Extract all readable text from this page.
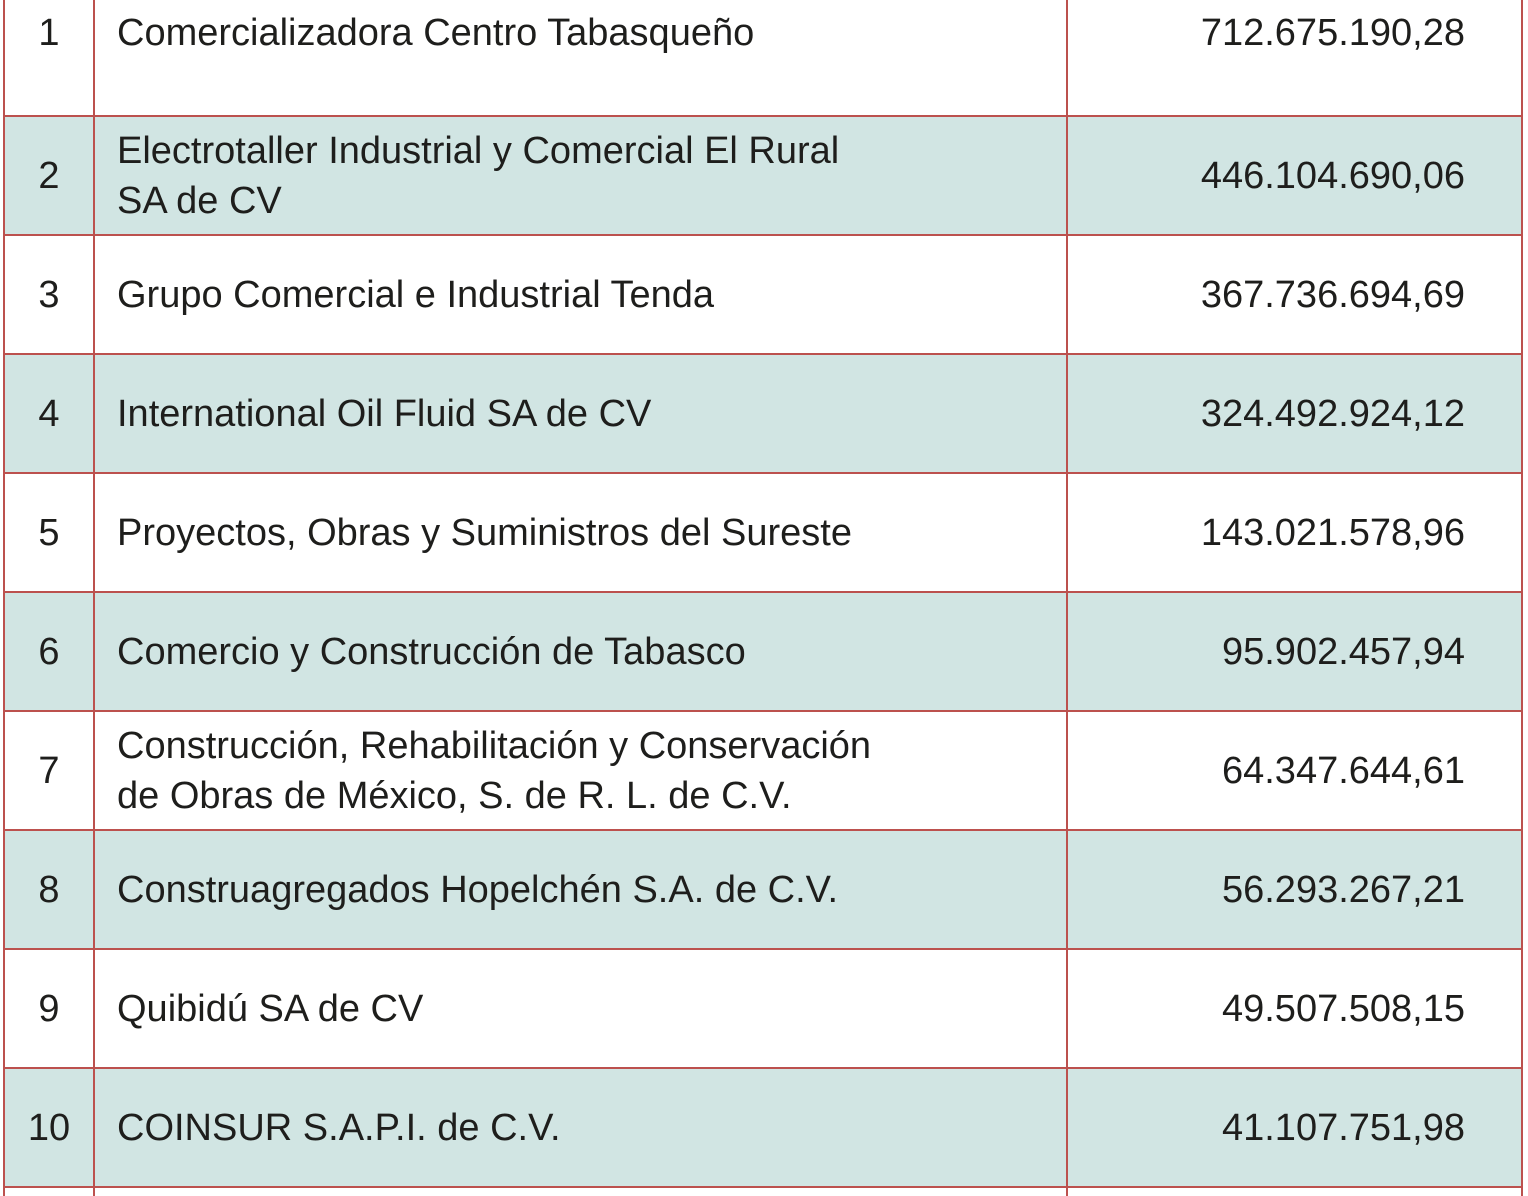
1	Comercializadora Centro Tabasqueño	712.675.190,28
2	Electrotaller Industrial y Comercial El Rural
SA de CV	446.104.690,06
3	Grupo Comercial e Industrial Tenda	367.736.694,69
4	International Oil Fluid SA de CV	324.492.924,12
5	Proyectos, Obras y Suministros del Sureste	143.021.578,96
6	Comercio y Construcción de Tabasco	95.902.457,94
7	Construcción, Rehabilitación y Conservación
de Obras de México, S. de R. L. de C.V.	64.347.644,61
8	Construagregados Hopelchén S.A. de C.V.	56.293.267,21
9	Quibidú SA de CV	49.507.508,15
10	COINSUR S.A.P.I. de C.V.	41.107.751,98
